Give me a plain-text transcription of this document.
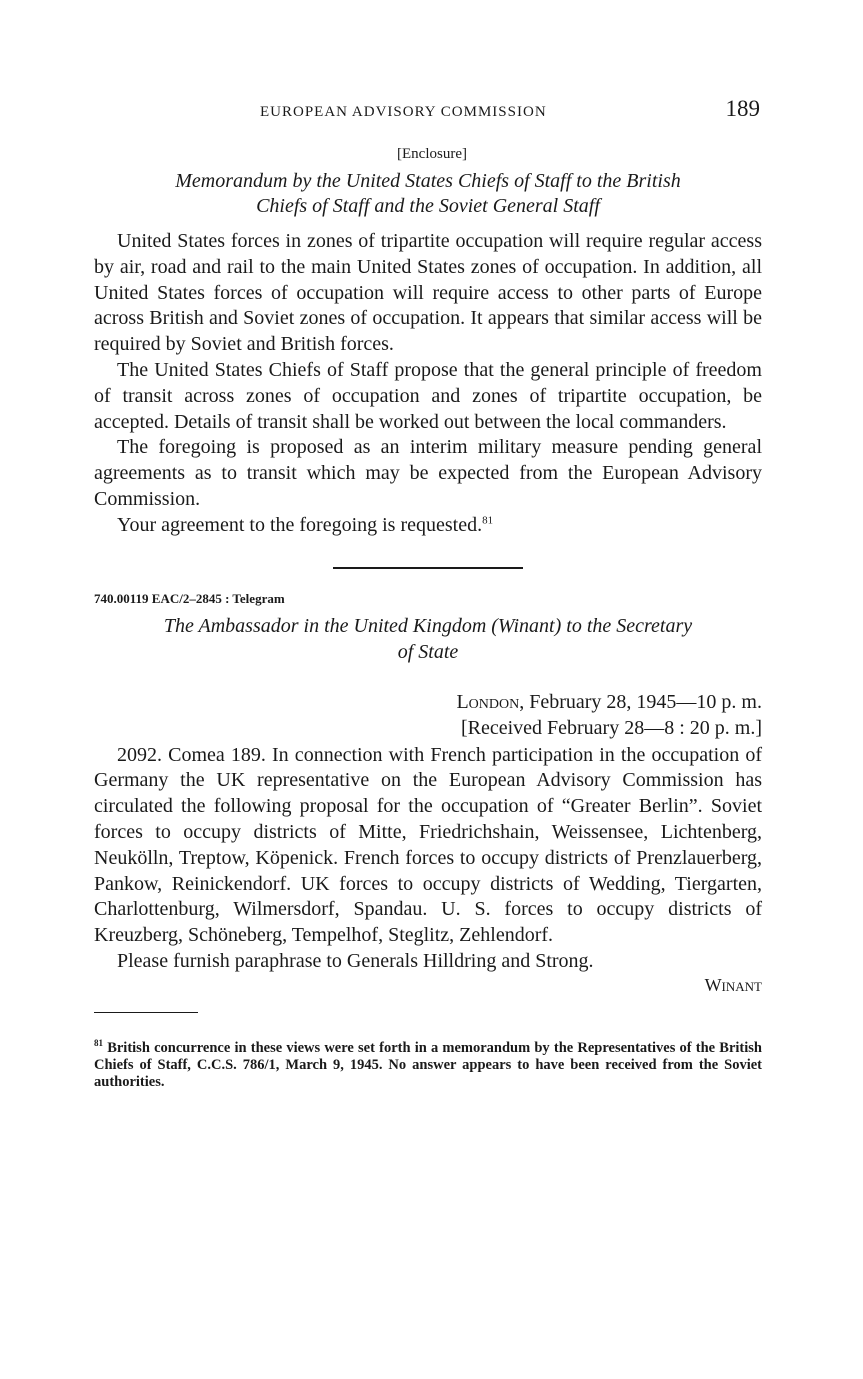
EUROPEAN ADVISORY COMMISSION	189
[Enclosure]
Memorandum by the United States Chiefs of Staff to the British
Chiefs of Staff and the Soviet General Staff

United States forces in zones of tripartite occupation will require regular access by air, road and rail to the main United States zones of occupation. In addition, all United States forces of occupation will require access to other parts of Europe across British and Soviet zones of occupation. It appears that similar access will be required by Soviet and British forces.

The United States Chiefs of Staff propose that the general principle of freedom of transit across zones of occupation and zones of tripartite occupation, be accepted. Details of transit shall be worked out between the local commanders.

The foregoing is proposed as an interim military measure pending general agreements as to transit which may be expected from the European Advisory Commission.

Your agreement to the foregoing is requested.$^{81}$

740.00119 EAC/2–2845 : Telegram
The Ambassador in the United Kingdom (Winant) to the Secretary
of State
London, February 28, 1945—10 p. m.
[Received February 28—8 : 20 p. m.]

2092. Comea 189. In connection with French participation in the occupation of Germany the UK representative on the European Advisory Commission has circulated the following proposal for the occupation of “Greater Berlin”. Soviet forces to occupy districts of Mitte, Friedrichshain, Weissensee, Lichtenberg, Neukölln, Treptow, Köpenick. French forces to occupy districts of Prenzlauerberg, Pankow, Reinickendorf. UK forces to occupy districts of Wedding, Tiergarten, Charlottenburg, Wilmersdorf, Spandau. U. S. forces to occupy districts of Kreuzberg, Schöneberg, Tempelhof, Steglitz, Zehlendorf.

Please furnish paraphrase to Generals Hilldring and Strong.

Winant
$^{81}$ British concurrence in these views were set forth in a memorandum by the Representatives of the British Chiefs of Staff, C.C.S. 786/1, March 9, 1945. No answer appears to have been received from the Soviet authorities.
